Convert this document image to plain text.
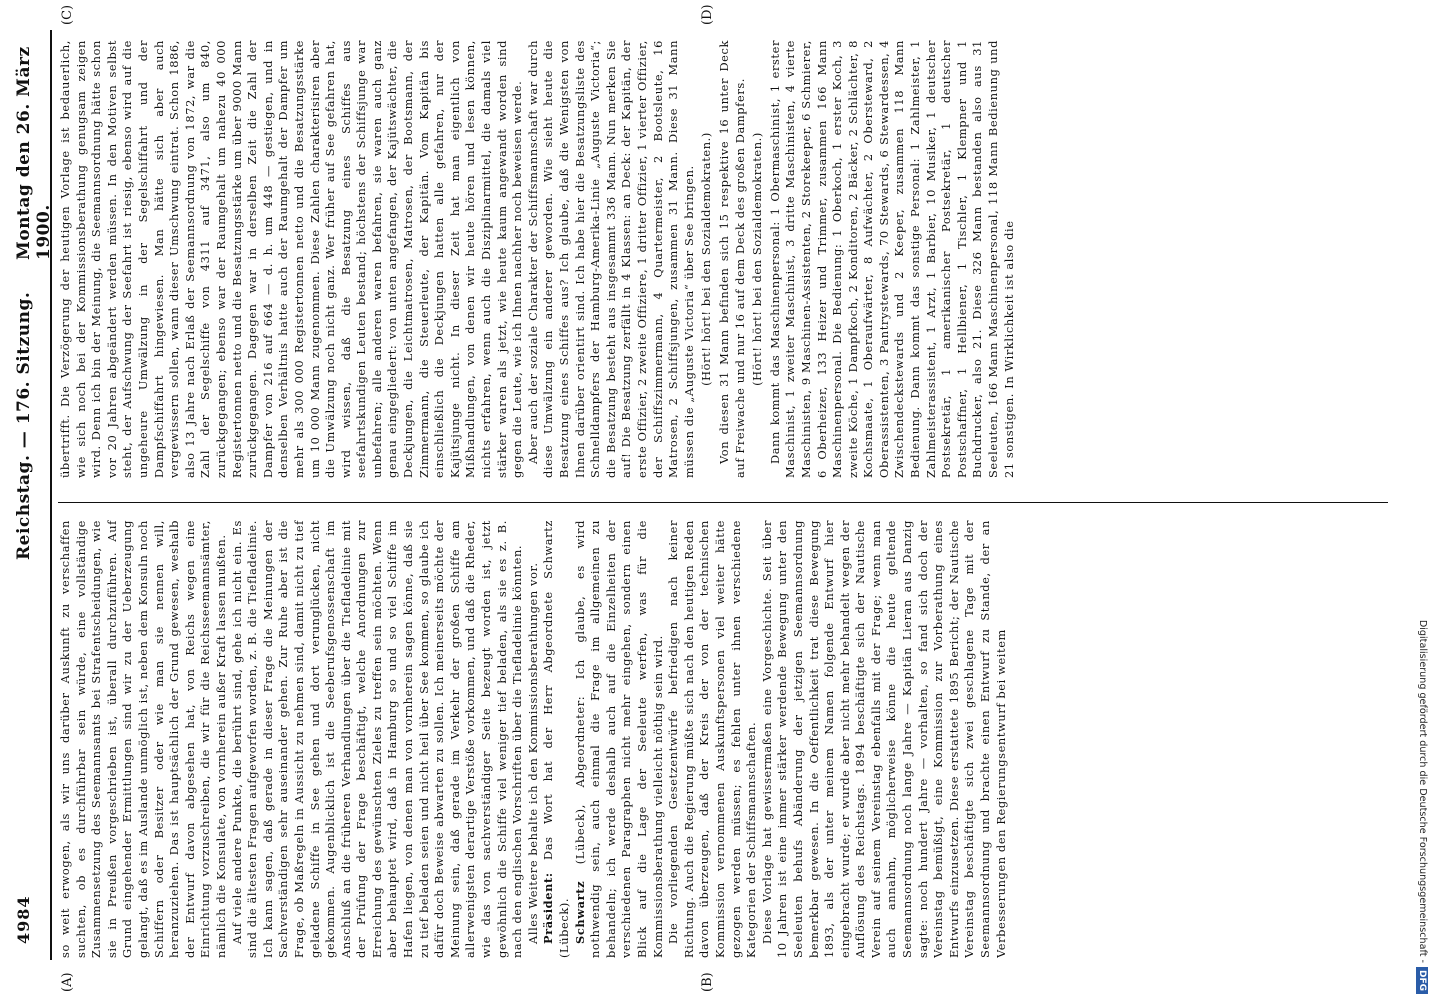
4984
Reichstag. — 176. Sitzung.
Montag den 26. März 1900.
(A)	(B)
(C)	(D)

so weit erwogen, als wir uns darüber Auskunft zu verschaffen suchten, ob es durchführbar sein würde, eine vollständige Zusammensetzung des Seemannsamts bei Strafentscheidungen, wie sie in Preußen vorgeschrieben ist, überall durchzuführen. Auf Grund eingehender Ermittlungen sind wir zu der Ueberzeugung gelangt, daß es im Auslande unmöglich ist, neben dem Konsuln noch Schiffern oder Besitzer oder wie man sie nennen will, heranzuziehen. Das ist hauptsächlich der Grund gewesen, weshalb der Entwurf davon abgesehen hat, von Reichs wegen eine Einrichtung vorzuschreiben, die wir für die Reichsseemannsämter, nämlich die Konsulate, von vornherein außer Kraft lassen mußten. Auf viele andere Punkte, die berührt sind, gehe ich nicht ein. Es sind die ältesten Fragen aufgeworfen worden, z. B. die Tiefladelinie. Ich kann sagen, daß gerade in dieser Frage die Meinungen der Sachverständigen sehr auseinander gehen. Zur Ruhe aber ist die Frage, ob Maßregeln in Aussicht zu nehmen sind, damit nicht zu tief geladene Schiffe in See gehen und dort verunglücken, nicht gekommen. Augenblicklich ist die Seeberufsgenossenschaft im Anschluß an die früheren Verhandlungen über die Tiefladelinie mit der Prüfung der Frage beschäftigt, welche Anordnungen zur Erreichung des gewünschten Zieles zu treffen sein möchten. Wenn aber behauptet wird, daß in Hamburg so und so viel Schiffe im Hafen liegen, von denen man von vornherein sagen könne, daß sie zu tief beladen seien und nicht heil über See kommen, so glaube ich dafür doch Beweise abwarten zu sollen. Ich meinerseits möchte der Meinung sein, daß gerade im Verkehr der großen Schiffe am allerwenigsten derartige Verstöße vorkommen, und daß die Rheder, wie das von sachverständiger Seite bezeugt worden ist, jetzt gewöhnlich die Schiffe viel weniger tief beladen, als sie es z. B. nach den englischen Vorschriften über die Tiefladelinie könnten. Alles Weitere behalte ich den Kommissionsberathungen vor. Präsident: Das Wort hat der Herr Abgeordnete Schwartz (Lübeck). Schwartz (Lübeck), Abgeordneter: Ich glaube, es wird nothwendig sein, auch einmal die Frage im allgemeinen zu behandeln; ich werde deshalb auch auf die Einzelheiten der verschiedenen Paragraphen nicht mehr eingehen, sondern einen Blick auf die Lage der Seeleute werfen, was für die Kommissionsberathung vielleicht nöthig sein wird. Die vorliegenden Gesetzentwürfe befriedigen nach keiner Richtung. Auch die Regierung müßte sich nach den heutigen Reden davon überzeugen, daß der Kreis der von der technischen Kommission vernommenen Auskunftspersonen viel weiter hätte gezogen werden müssen; es fehlen unter ihnen verschiedene Kategorien der Schiffsmannschaften. Diese Vorlage hat gewissermaßen eine Vorgeschichte. Seit über 10 Jahren ist eine immer stärker werdende Bewegung unter den Seeleuten behufs Abänderung der jetzigen Seemannsordnung bemerkbar gewesen. In die Oeffentlichkeit trat diese Bewegung 1893, als der unter meinem Namen folgende Entwurf hier eingebracht wurde; er wurde aber nicht mehr behandelt wegen der Auflösung des Reichstags. 1894 beschäftigte sich der Nautische Verein auf seinem Vereinstag ebenfalls mit der Frage; wenn man auch annahm, möglicherweise könne die heute geltende Seemannsordnung noch lange Jahre — Kapitän Lieran aus Danzig sagte: noch hundert Jahre — vorhalten, so fand sich doch der Vereinstag bemüßigt, eine Kommission zur Vorberathung eines Entwurfs einzusetzen. Diese erstattete 1895 Bericht; der Nautische Vereinstag beschäftigte sich zwei geschlagene Tage mit der Seemannsordnung und brachte einen Entwurf zu Stande, der an Verbesserungen den Regierungsentwurf bei weitem

übertrifft. Die Verzögerung der heutigen Vorlage ist bedauerlich, wie sich noch bei der Kommissionsberathung genugsam zeigen wird. Denn ich bin der Meinung, die Seemannsordnung hätte schon vor 20 Jahren abgeändert werden müssen. In den Motiven selbst steht, der Aufschwung der Seefahrt ist riesig, ebenso wird auf die ungeheure Umwälzung in der Segelschiffahrt und der Dampfschiffahrt hingewiesen. Man hätte sich aber auch vergewissern sollen, wann dieser Umschwung eintrat. Schon 1886, also 13 Jahre nach Erlaß der Seemannsordnung von 1872, war die Zahl der Segelschiffe von 4311 auf 3471, also um 840, zurückgegangen; ebenso war der Raumgehalt um nahezu 40 000 Registertonnen netto und die Besatzungsstärke um über 9000 Mann zurückgegangen. Dagegen war in derselben Zeit die Zahl der Dampfer von 216 auf 664 — d. h. um 448 — gestiegen, und in denselben Verhältnis hatte auch der Raumgehalt der Dampfer um mehr als 300 000 Registertonnen netto und die Besatzungsstärke um 10 000 Mann zugenommen. Diese Zahlen charakterisiren aber die Umwälzung noch nicht ganz. Wer früher auf See gefahren hat, wird wissen, daß die Besatzung eines Schiffes aus seefahrtskundigen Leuten bestand; höchstens der Schiffsjunge war unbefahren; alle anderen waren befahren, sie waren auch ganz genau eingegliedert: von unten angefangen, der Kajütswächter, die Deckjungen, die Leichtmatrosen, Matrosen, der Bootsmann, der Zimmermann, die Steuerleute, der Kapitän. Vom Kapitän bis einschließlich die Deckjungen hatten alle gefahren, nur der Kajütsjunge nicht. In dieser Zeit hat man eigentlich von Mißhandlungen, von denen wir heute hören und lesen können, nichts erfahren, wenn auch die Disziplinarmittel, die damals viel stärker waren als jetzt, wie heute kaum angewandt worden sind gegen die Leute, wie ich Ihnen nachher noch beweisen werde. Aber auch der soziale Charakter der Schiffsmannschaft war durch diese Umwälzung ein anderer geworden. Wie sieht heute die Besatzung eines Schiffes aus? Ich glaube, daß die Wenigsten von Ihnen darüber orientirt sind. Ich habe hier die Besatzungsliste des Schnelldampfers der Hamburg-Amerika-Linie „Auguste Victoria“; die Besatzung besteht aus insgesammt 336 Mann. Nun merken Sie auf! Die Besatzung zerfällt in 4 Klassen: an Deck: der Kapitän, der erste Offizier, 2 zweite Offiziere, 1 dritter Offizier, 1 vierter Offizier, der Schiffszimmermann, 4 Quartermeister, 2 Bootsleute, 16 Matrosen, 2 Schiffsjungen, zusammen 31 Mann. Diese 31 Mann müssen die „Auguste Victoria“ über See bringen. (Hört! hört! bei den Sozialdemokraten.) Von diesen 31 Mann befinden sich 15 respektive 16 unter Deck auf Freiwache und nur 16 auf dem Deck des großen Dampfers. (Hört! hört! bei den Sozialdemokraten.) Dann kommt das Maschinenpersonal: 1 Obermaschinist, 1 erster Maschinist, 1 zweiter Maschinist, 3 dritte Maschinisten, 4 vierte Maschinisten, 9 Maschinen-Assistenten, 2 Storekeeper, 6 Schmierer, 6 Oberheizer, 133 Heizer und Trimmer, zusammen 166 Mann Maschinenpersonal. Die Bedienung: 1 Oberkoch, 1 erster Koch, 3 zweite Köche, 1 Dampfkoch, 2 Konditoren, 2 Bäcker, 2 Schlächter, 8 Kochsmaate, 1 Oberaufwärter, 8 Aufwächter, 2 Obersteward, 2 Oberassistenten, 3 Pantrystewards, 70 Stewards, 6 Stewardessen, 4 Zwischendeckstewards und 2 Keeper, zusammen 118 Mann Bedienung. Dann kommt das sonstige Personal: 1 Zahlmeister, 1 Zahlmeisterassistent, 1 Arzt, 1 Barbier, 10 Musiker, 1 deutscher Postsekretär, 1 amerikanischer Postsekretär, 1 deutscher Postschaffner, 1 Hellbiener, 1 Tischler, 1 Klempner und 1 Buchdrucker, also 21. Diese 326 Mann bestanden also aus 31 Seeleuten, 166 Mann Maschinenpersonal, 118 Mann Bedienung und 21 sonstigen. In Wirklichkeit ist also die

Digitalisierung gefördert durch die Deutsche Forschungsgemeinschaft -DFG
